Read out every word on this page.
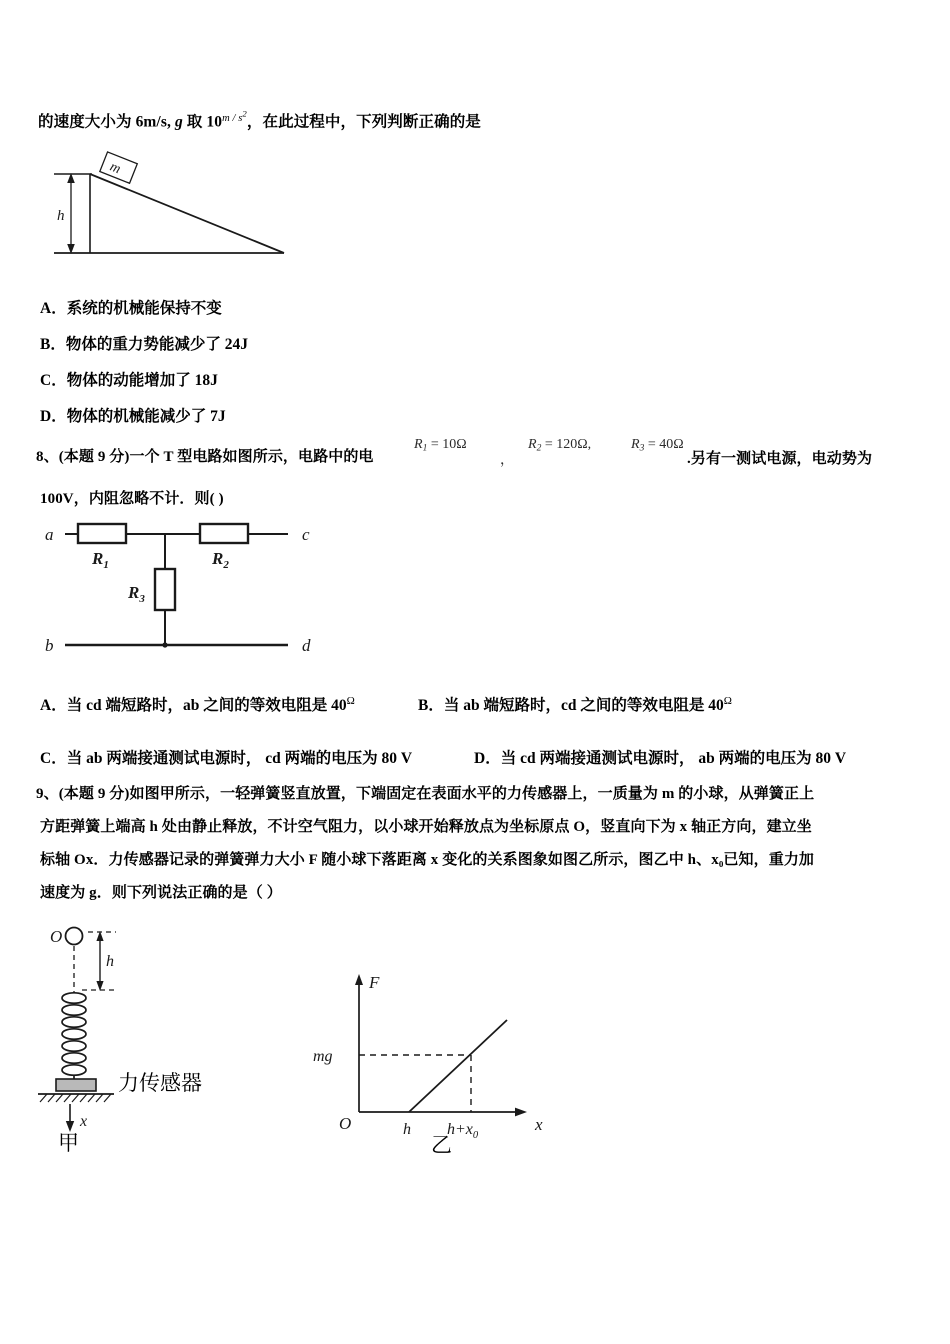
的速度大小为 6m/s, g 取 $10^{m / s^2}$，在此过程中，下列判断正确的是
h
m
A．系统的机械能保持不变
B．物体的重力势能减少了 24J
C．物体的动能增加了 18J
D．物体的机械能减少了 7J
8、(本题 9 分)一个 T 型电路如图所示，电路中的电
$R_1 = 10\Omega$
，
$R_2 = 120\Omega$,	$R_3 = 40\Omega$
.另有一测试电源，电动势为
100V，内阻忽略不计．则( )
a	c
b	d
$R_1$	$R_2$
$R_3$
A．当 cd 端短路时，ab 之间的等效电阻是 $40^\Omega$	B．当 ab 端短路时，cd 之间的等效电阻是 $40^\Omega$
C．当 ab 两端接通测试电源时， cd 两端的电压为 80 V	D．当 cd 两端接通测试电源时， ab 两端的电压为 80 V
9、(本题 9 分)如图甲所示，一轻弹簧竖直放置，下端固定在表面水平的力传感器上，一质量为 m 的小球，从弹簧正上
方距弹簧上端高 h 处由静止释放，不计空气阻力，以小球开始释放点为坐标原点 O，竖直向下为 x 轴正方向，建立坐
标轴 Ox．力传感器记录的弹簧弹力大小 F 随小球下落距离 x 变化的关系图象如图乙所示，图乙中 h、x₀已知，重力加
速度为 g．则下列说法正确的是（ ）
O
h
力传感器
x
甲
F
x
O
mg
h $h+x_0$
乙
